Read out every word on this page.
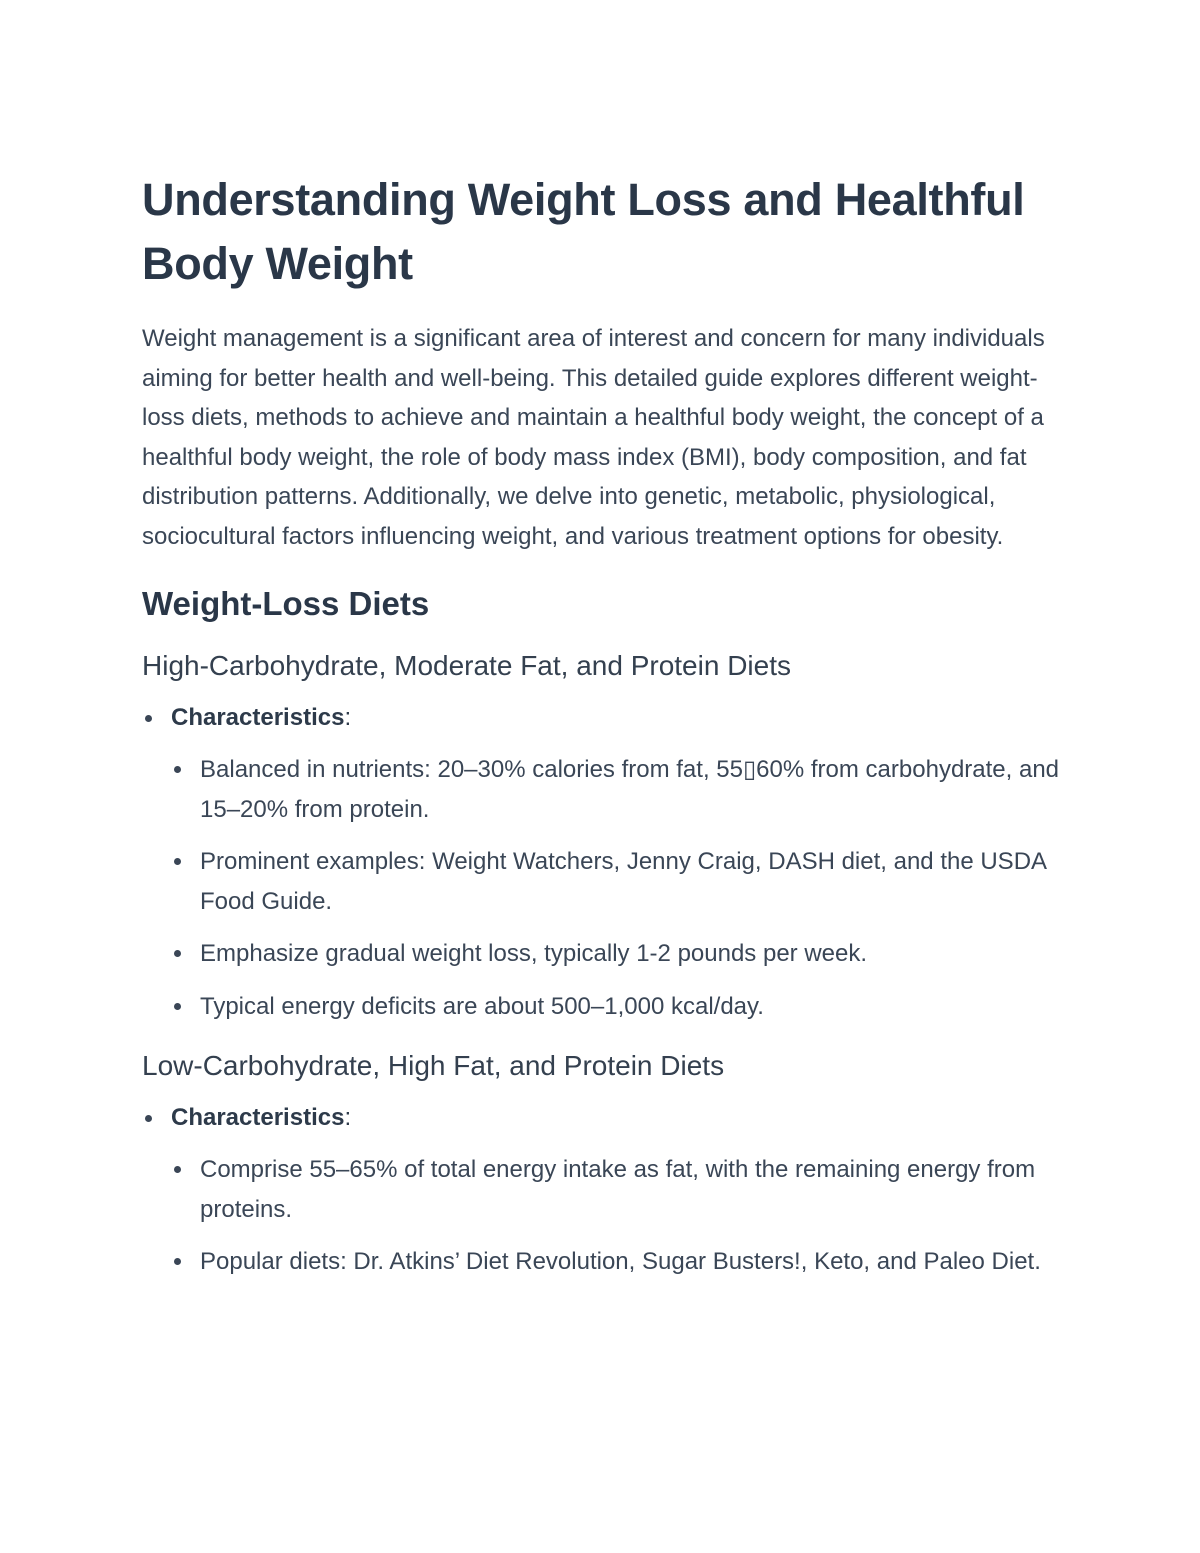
Understanding Weight Loss and Healthful Body Weight

Weight management is a significant area of interest and concern for many individuals aiming for better health and well-being. This detailed guide explores different weight-loss diets, methods to achieve and maintain a healthful body weight, the concept of a healthful body weight, the role of body mass index (BMI), body composition, and fat distribution patterns. Additionally, we delve into genetic, metabolic, physiological, sociocultural factors influencing weight, and various treatment options for obesity.

Weight-Loss Diets
High-Carbohydrate, Moderate Fat, and Protein Diets
Characteristics:
Balanced in nutrients: 20–30% calories from fat, 55▯60% from carbohydrate, and 15–20% from protein.
Prominent examples: Weight Watchers, Jenny Craig, DASH diet, and the USDA Food Guide.
Emphasize gradual weight loss, typically 1-2 pounds per week.
Typical energy deficits are about 500–1,000 kcal/day.
Low-Carbohydrate, High Fat, and Protein Diets
Characteristics:
Comprise 55–65% of total energy intake as fat, with the remaining energy from proteins.
Popular diets: Dr. Atkins’ Diet Revolution, Sugar Busters!, Keto, and Paleo Diet.
